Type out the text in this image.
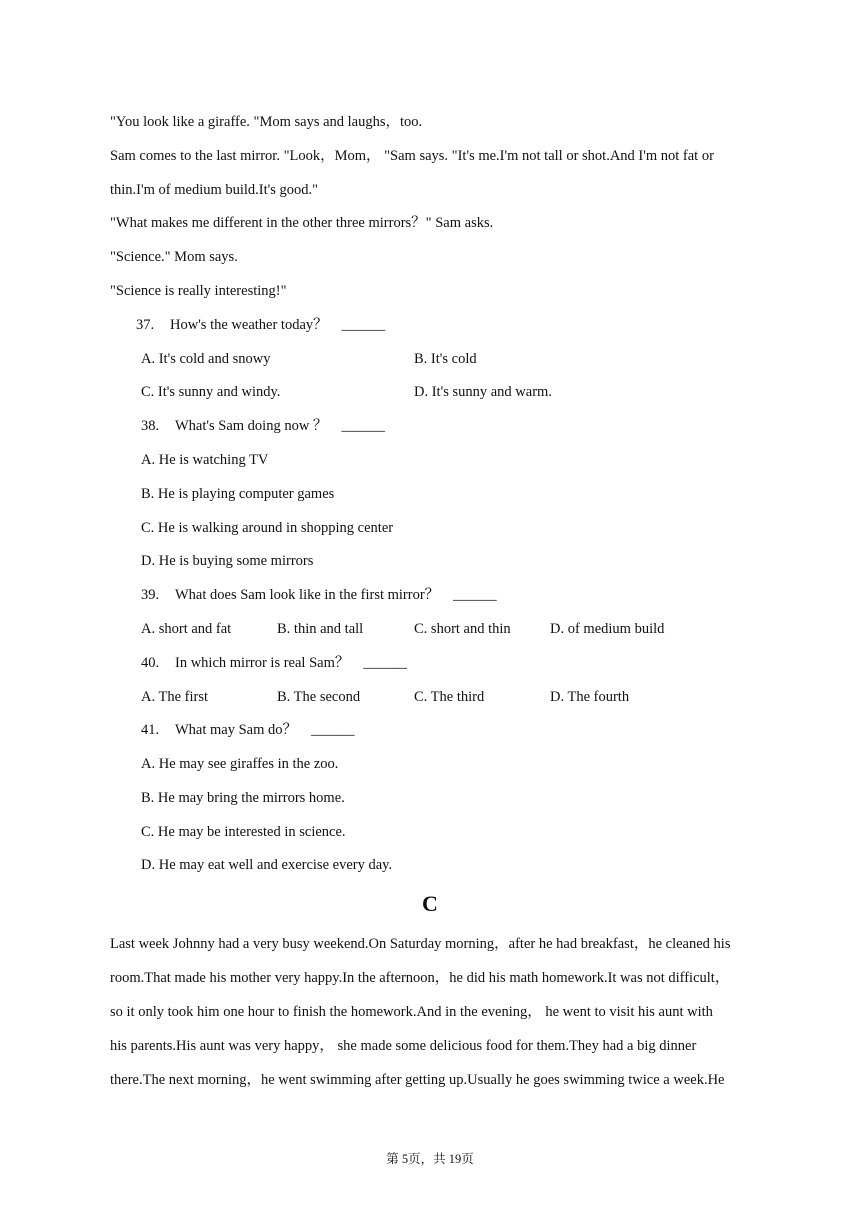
"You look like a giraffe. "Mom says and laughs，too.
Sam comes to the last mirror. "Look，Mom， "Sam says. "It's me.I'm not tall or shot.And I'm not fat or
thin.I'm of medium build.It's good."
"What makes me different in the other three mirrors？" Sam asks.
"Science." Mom says.
"Science is really interesting!"
37. How's the weather today？ ______
A. It's cold and snowy	B. It's cold
C. It's sunny and windy.	D. It's sunny and warm.
38. What's Sam doing now ？ ______
A. He is watching TV
B. He is playing computer games
C. He is walking around in shopping center
D. He is buying some mirrors
39. What does Sam look like in the first mirror？ ______
A. short and fat	B. thin and tall	C. short and thin	D. of medium build
40. In which mirror is real Sam？ ______
A. The first	B. The second	C. The third	D. The fourth
41. What may Sam do？ ______
A. He may see giraffes in the zoo.
B. He may bring the mirrors home.
C. He may be interested in science.
D. He may eat well and exercise every day.
C
Last week Johnny had a very busy weekend.On Saturday morning，after he had breakfast，he cleaned his
room.That made his mother very happy.In the afternoon，he did his math homework.It was not difficult，
so it only took him one hour to finish the homework.And in the evening， he went to visit his aunt with
his parents.His aunt was very happy， she made some delicious food for them.They had a big dinner
there.The next morning，he went swimming after getting up.Usually he goes swimming twice a week.He
第 5页，共 19页
